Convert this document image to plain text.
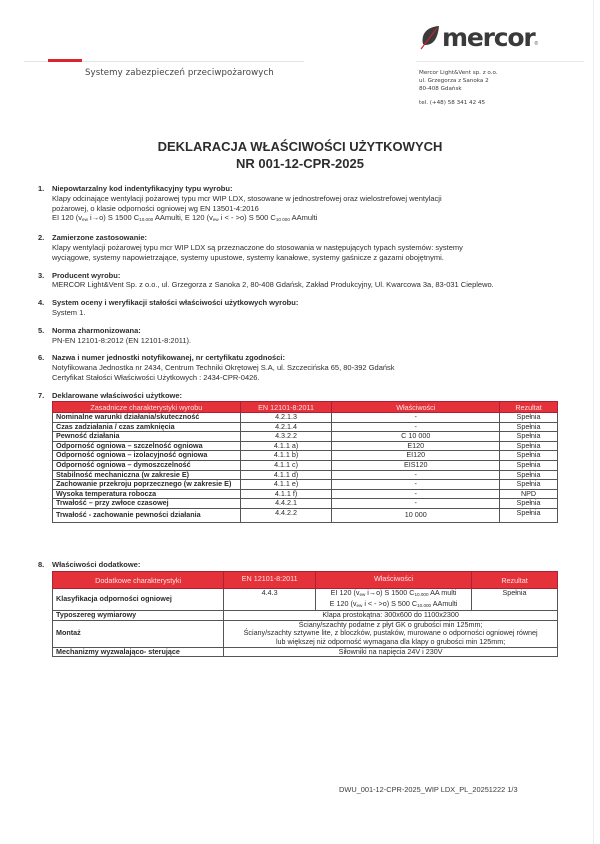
Systemy zabezpieczeń przeciwpożarowych
mercor ®
Mercor Light&Vent sp. z o.o.
ul. Grzegorza z Sanoka 2
80-408 Gdańsk
tel. (+48) 58 341 42 45
DEKLARACJA WŁAŚCIWOŚCI UŻYTKOWYCH
NR 001-12-CPR-2025
1.	Niepowtarzalny kod indentyfikacyjny typu wyrobu:
Klapy odcinające wentylacji pożarowej typu mcr WIP LDX, stosowane w jednostrefowej oraz wielostrefowej wentylacji
pożarowej, o klasie odporności ogniowej wg EN 13501-4:2016
EI 120 ($v_{ew}$ i→o) S 1500 $C_{10.000}$ AAmulti, E 120 ($v_{ew}$ i < - >o) S 500 $C_{10 000}$ AAmulti
2.	Zamierzone zastosowanie:
Klapy wentylacji pożarowej typu mcr WIP LDX są przeznaczone do stosowania w następujących typach systemów: systemy
wyciągowe, systemy napowietrzające, systemy upustowe, systemy kanałowe, systemy gaśnicze z gazami obojętnymi.
3.	Producent wyrobu:
MERCOR Light&Vent Sp. z o.o., ul. Grzegorza z Sanoka 2, 80-408 Gdańsk, Zakład Produkcyjny, Ul. Kwarcowa 3a, 83-031 Cieplewo.
4.	System oceny i weryfikacji stałości właściwości użytkowych wyrobu:
System 1.
5.	Norma zharmonizowana:
PN-EN 12101-8:2012 (EN 12101-8:2011).
6.	Nazwa i numer jednostki notyfikowanej, nr certyfikatu zgodności:
Notyfikowana Jednostka nr 2434, Centrum Techniki Okrętowej S.A, ul. Szczecińska 65, 80-392 Gdańsk
Certyfikat Stałości Właściwości Użytkowych : 2434-CPR-0426.
7.	Deklarowane właściwości użytkowe:
Zasadnicze charakterystyki wyrobu	EN 12101-8:2011	Właściwości	Rezultat
Nominalne warunki działania/skuteczność	4.2.1.3	-	Spełnia
Czas zadziałania / czas zamknięcia	4.2.1.4	-	Spełnia
Pewność działania	4.3.2.2	C 10 000	Spełnia
Odporność ogniowa – szczelność ogniowa	4.1.1 a)	E120	Spełnia
Odporność ogniowa – izolacyjność ogniowa	4.1.1 b)	EI120	Spełnia
Odporność ogniowa – dymoszczelność	4.1.1 c)	EIS120	Spełnia
Stabilność mechaniczna (w zakresie E)	4.1.1 d)	-	Spełnia
Zachowanie przekroju poprzecznego (w zakresie E)	4.1.1 e)	-	Spełnia
Wysoka temperatura robocza	4.1.1 f)	-	NPD
Trwałość – przy zwłoce czasowej	4.4.2.1	-	Spełnia
Trwałość - zachowanie pewności działania	4.4.2.2	10 000	Spełnia
8.	Właściwości dodatkowe:
Dodatkowe charakterystyki	EN 12101-8:2011	Właściwości	Rezultat
Klasyfikacja odporności ogniowej	4.4.3	EI 120 ($v_{ew}$ i→o) S 1500 $C_{10.000}$ AA multi
E 120 ($v_{ew}$ i < - >o) S 500 $C_{10.000}$ AAmulti	Spełnia
Typoszereg wymiarowy	Klapa prostokątna: 300x600 do 1100x2300		
Montaż	Ściany/szachty podatne z płyt GK o grubości min 125mm;
Ściany/szachty sztywne lite, z bloczków, pustaków, murowane o odporności ogniowej równej
lub większej niż odporność wymagana dla klapy o grubości min 125mm;		

Mechanizmy wyzwalająco- sterujące	Siłowniki na napięcia 24V i 230V		
DWU_001-12-CPR-2025_WIP LDX_PL_20251222 1/3
